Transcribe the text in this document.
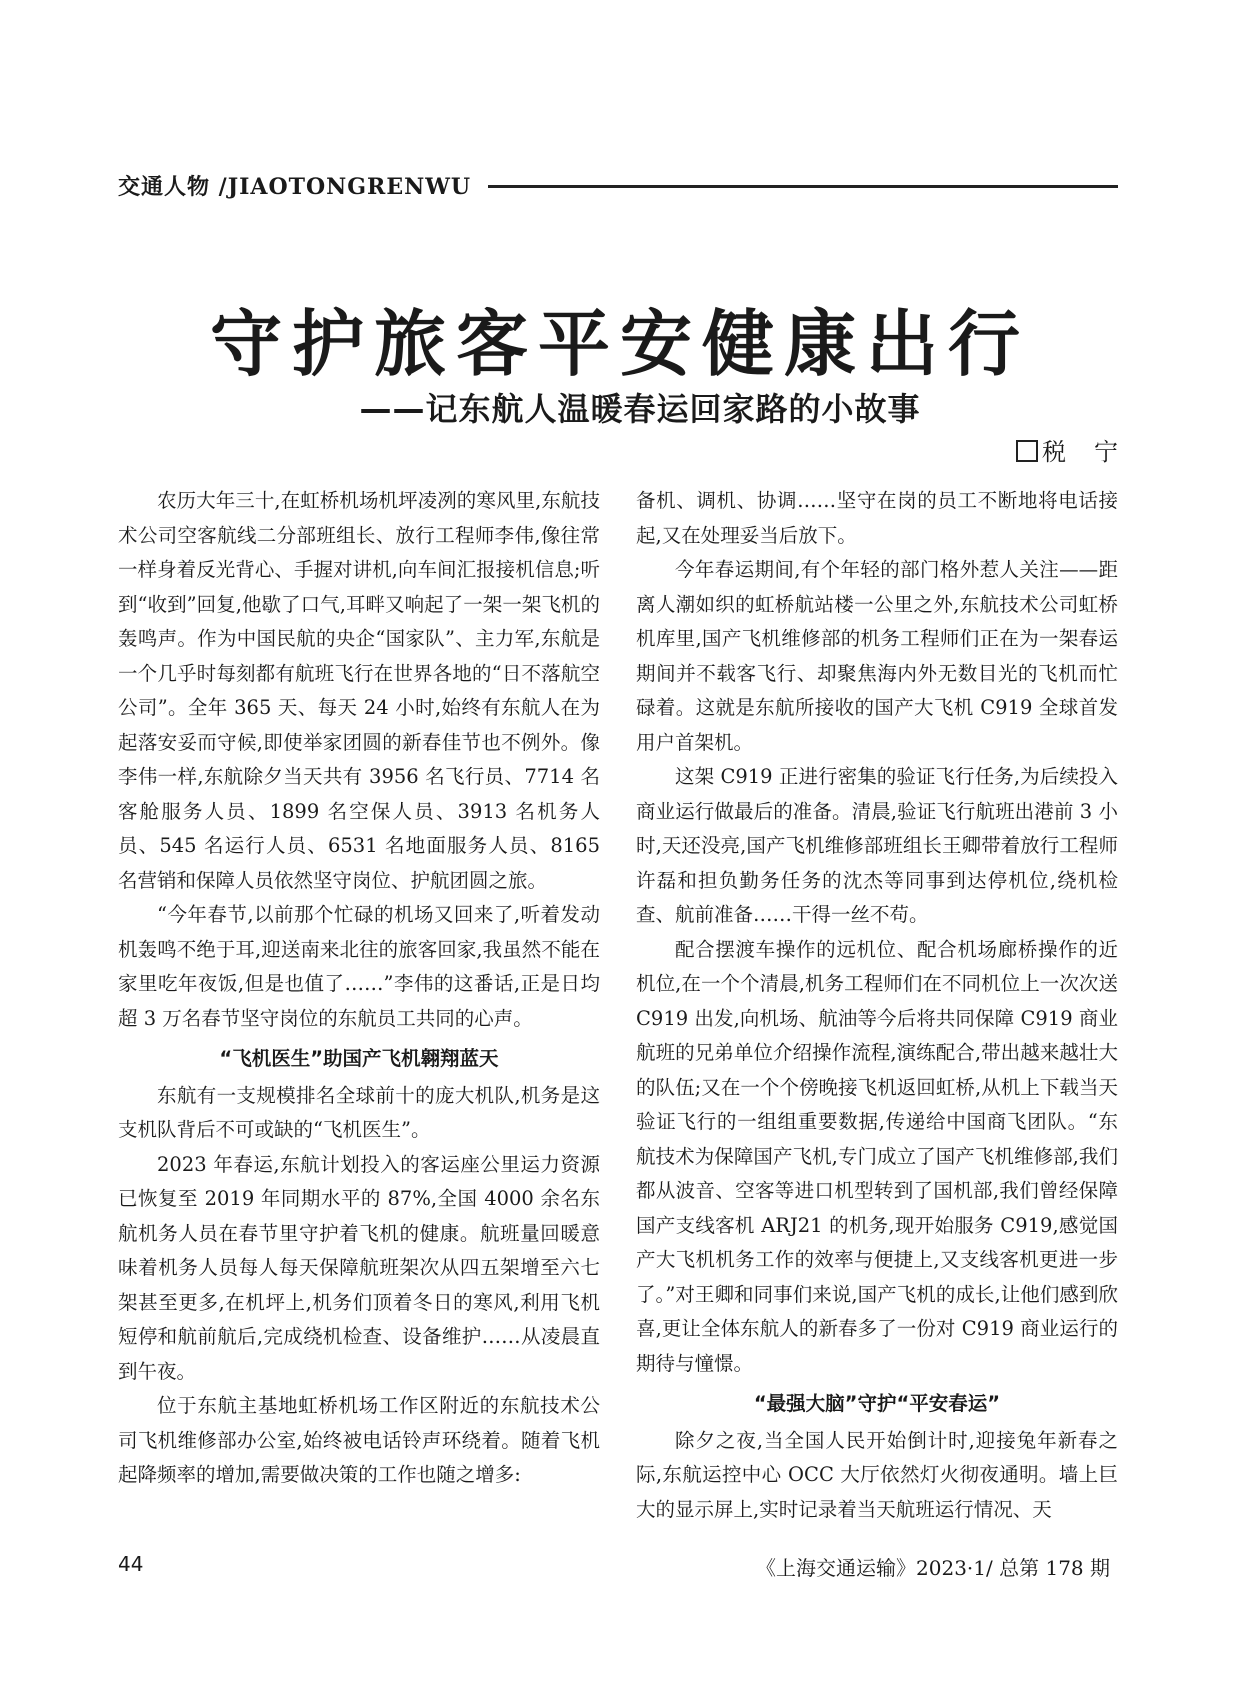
交通人物 /JIAOTONGRENWU
守护旅客平安健康出行
——记东航人温暖春运回家路的小故事
税　宁

农历大年三十,在虹桥机场机坪凌冽的寒风里,东航技术公司空客航线二分部班组长、放行工程师李伟,像往常一样身着反光背心、手握对讲机,向车间汇报接机信息;听到“收到”回复,他歇了口气,耳畔又响起了一架一架飞机的轰鸣声。作为中国民航的央企“国家队”、主力军,东航是一个几乎时每刻都有航班飞行在世界各地的“日不落航空公司”。全年 365 天、每天 24 小时,始终有东航人在为起落安妥而守候,即使举家团圆的新春佳节也不例外。像李伟一样,东航除夕当天共有 3956 名飞行员、7714 名客舱服务人员、1899 名空保人员、3913 名机务人员、545 名运行人员、6531 名地面服务人员、8165 名营销和保障人员依然坚守岗位、护航团圆之旅。

“今年春节,以前那个忙碌的机场又回来了,听着发动机轰鸣不绝于耳,迎送南来北往的旅客回家,我虽然不能在家里吃年夜饭,但是也值了……”李伟的这番话,正是日均超 3 万名春节坚守岗位的东航员工共同的心声。

“飞机医生”助国产飞机翱翔蓝天

东航有一支规模排名全球前十的庞大机队,机务是这支机队背后不可或缺的“飞机医生”。

2023 年春运,东航计划投入的客运座公里运力资源已恢复至 2019 年同期水平的 87%,全国 4000 余名东航机务人员在春节里守护着飞机的健康。航班量回暖意味着机务人员每人每天保障航班架次从四五架增至六七架甚至更多,在机坪上,机务们顶着冬日的寒风,利用飞机短停和航前航后,完成绕机检查、设备维护……从凌晨直到午夜。

位于东航主基地虹桥机场工作区附近的东航技术公司飞机维修部办公室,始终被电话铃声环绕着。随着飞机起降频率的增加,需要做决策的工作也随之增多:

备机、调机、协调……坚守在岗的员工不断地将电话接起,又在处理妥当后放下。

今年春运期间,有个年轻的部门格外惹人关注——距离人潮如织的虹桥航站楼一公里之外,东航技术公司虹桥机库里,国产飞机维修部的机务工程师们正在为一架春运期间并不载客飞行、却聚焦海内外无数目光的飞机而忙碌着。这就是东航所接收的国产大飞机 C919 全球首发用户首架机。

这架 C919 正进行密集的验证飞行任务,为后续投入商业运行做最后的准备。清晨,验证飞行航班出港前 3 小时,天还没亮,国产飞机维修部班组长王卿带着放行工程师许磊和担负勤务任务的沈杰等同事到达停机位,绕机检查、航前准备……干得一丝不苟。

配合摆渡车操作的远机位、配合机场廊桥操作的近机位,在一个个清晨,机务工程师们在不同机位上一次次送 C919 出发,向机场、航油等今后将共同保障 C919 商业航班的兄弟单位介绍操作流程,演练配合,带出越来越壮大的队伍;又在一个个傍晚接飞机返回虹桥,从机上下载当天验证飞行的一组组重要数据,传递给中国商飞团队。“东航技术为保障国产飞机,专门成立了国产飞机维修部,我们都从波音、空客等进口机型转到了国机部,我们曾经保障国产支线客机 ARJ21 的机务,现开始服务 C919,感觉国产大飞机机务工作的效率与便捷上,又支线客机更进一步了。”对王卿和同事们来说,国产飞机的成长,让他们感到欣喜,更让全体东航人的新春多了一份对 C919 商业运行的期待与憧憬。

“最强大脑”守护“平安春运”

除夕之夜,当全国人民开始倒计时,迎接兔年新春之际,东航运控中心 OCC 大厅依然灯火彻夜通明。墙上巨大的显示屏上,实时记录着当天航班运行情况、天

44	《上海交通运输》2023·1/ 总第 178 期
